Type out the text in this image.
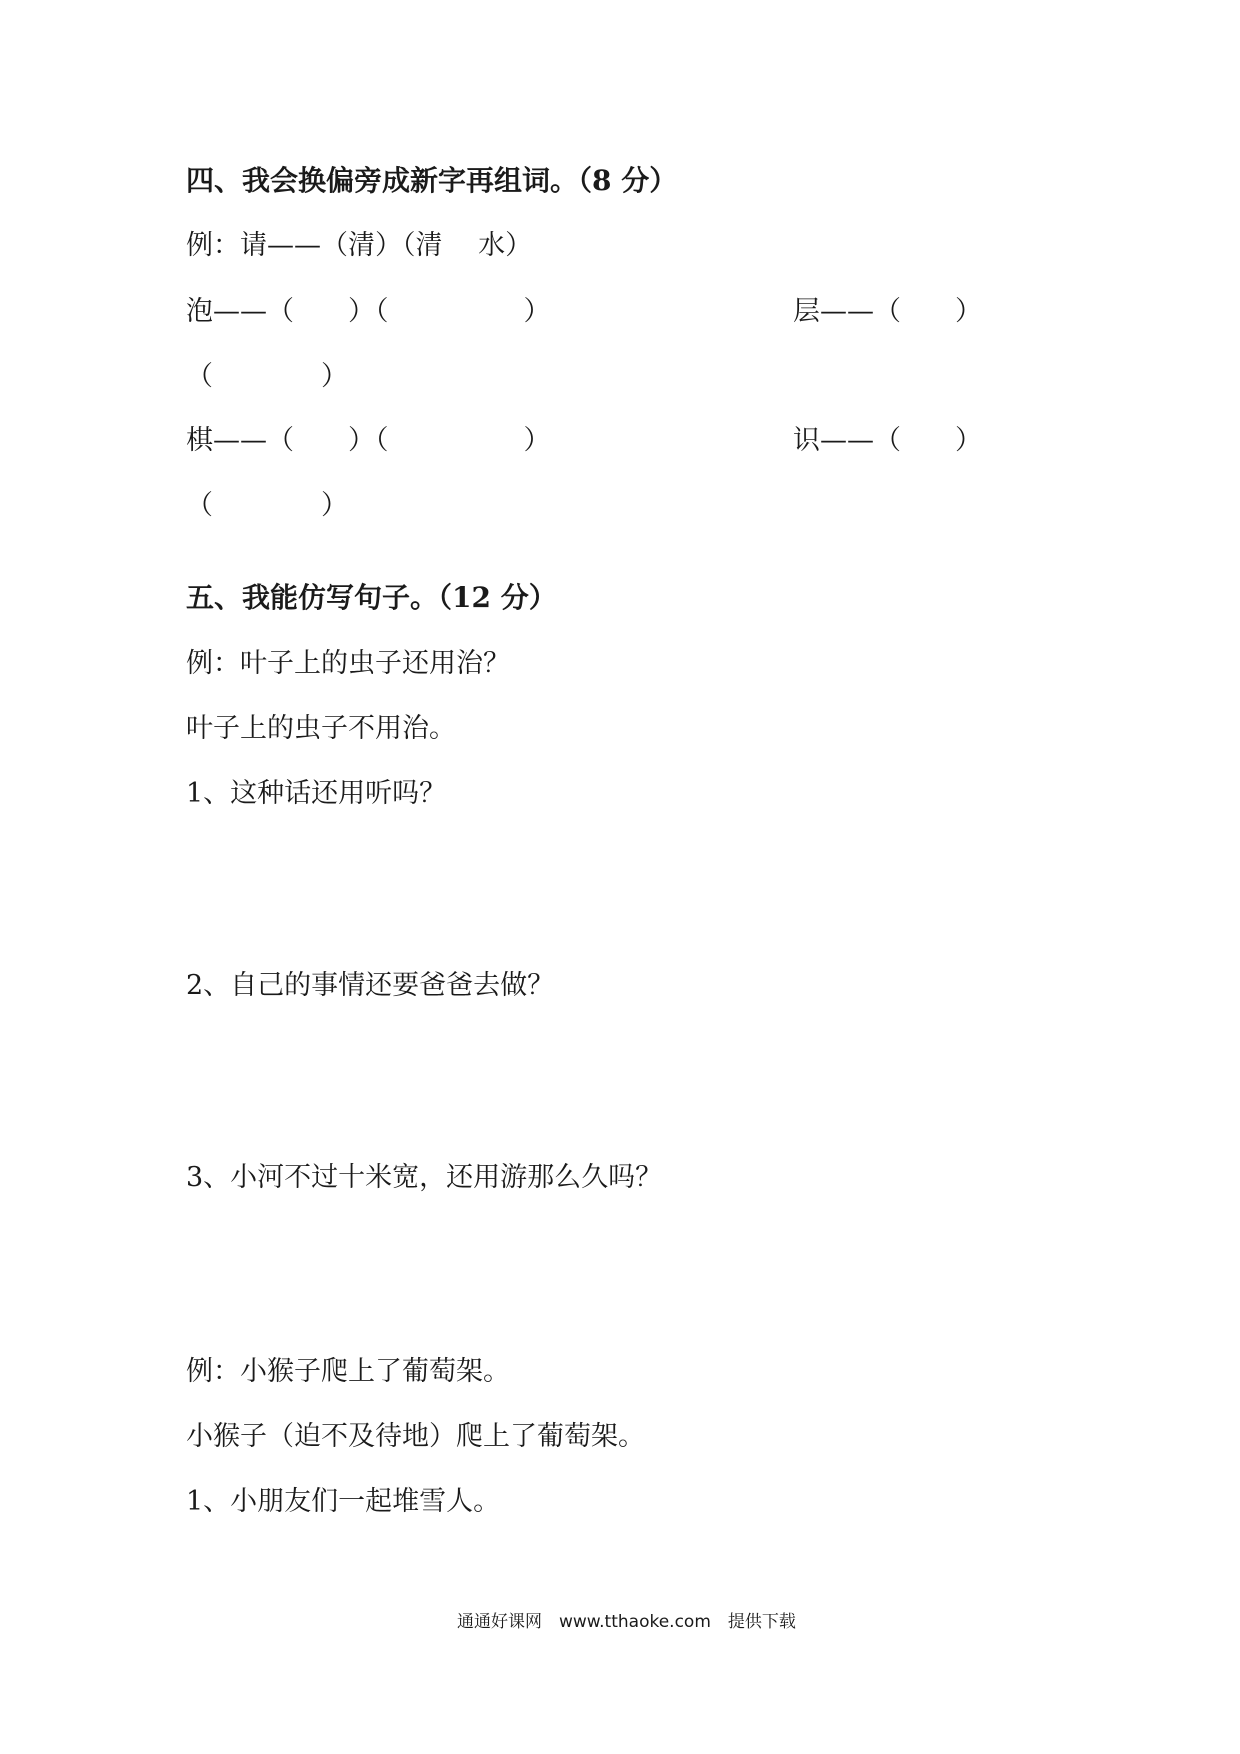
四、我会换偏旁成新字再组词。（8 分）
例：请——（清）（清　 水）
泡——（　　）（　　　　　）	层——（　　）
（　　　　）
棋——（　　）（　　　　　）	识——（　　）
（　　　　）
五、我能仿写句子。（12 分）
例：叶子上的虫子还用治？
叶子上的虫子不用治。
1、这种话还用听吗？
2、自己的事情还要爸爸去做？
3、小河不过十米宽，还用游那么久吗？
例：小猴子爬上了葡萄架。
小猴子（迫不及待地）爬上了葡萄架。
1、小朋友们一起堆雪人。
通通好课网　www.tthaoke.com　提供下载
